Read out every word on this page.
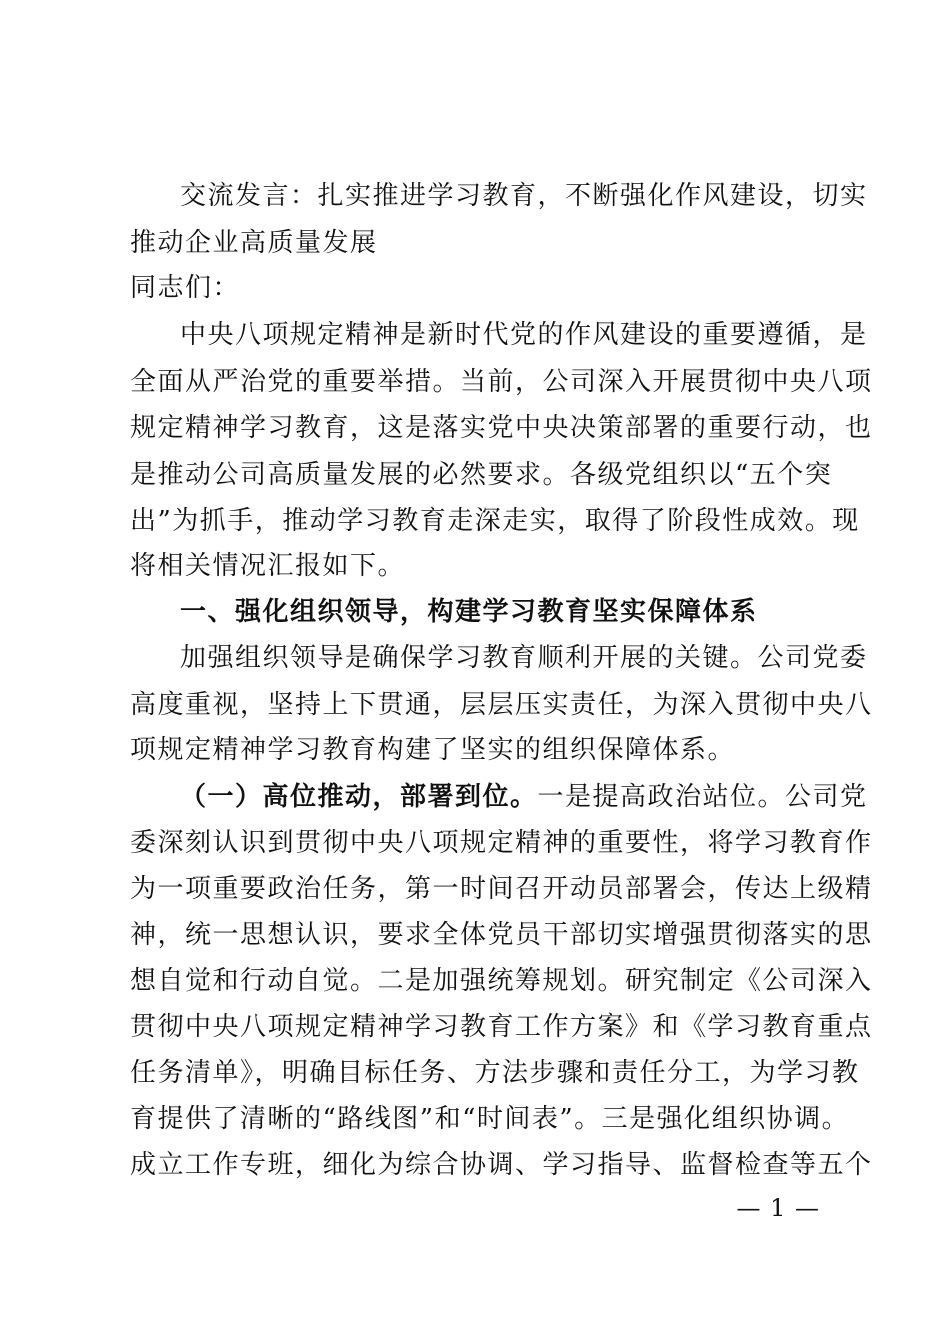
交流发言：扎实推进学习教育，不断强化作风建设，切实
推动企业高质量发展
同志们：
中央八项规定精神是新时代党的作风建设的重要遵循，是
全面从严治党的重要举措。当前，公司深入开展贯彻中央八项
规定精神学习教育，这是落实党中央决策部署的重要行动，也
是推动公司高质量发展的必然要求。各级党组织以“五个突
出”为抓手，推动学习教育走深走实，取得了阶段性成效。现
将相关情况汇报如下。
一、强化组织领导，构建学习教育坚实保障体系
加强组织领导是确保学习教育顺利开展的关键。公司党委
高度重视，坚持上下贯通，层层压实责任，为深入贯彻中央八
项规定精神学习教育构建了坚实的组织保障体系。
（一）高位推动，部署到位。一是提高政治站位。公司党
委深刻认识到贯彻中央八项规定精神的重要性，将学习教育作
为一项重要政治任务，第一时间召开动员部署会，传达上级精
神，统一思想认识，要求全体党员干部切实增强贯彻落实的思
想自觉和行动自觉。二是加强统筹规划。研究制定《公司深入
贯彻中央八项规定精神学习教育工作方案》和《学习教育重点
任务清单》，明确目标任务、方法步骤和责任分工，为学习教
育提供了清晰的“路线图”和“时间表”。三是强化组织协调。
成立工作专班，细化为综合协调、学习指导、监督检查等五个
— 1 —
